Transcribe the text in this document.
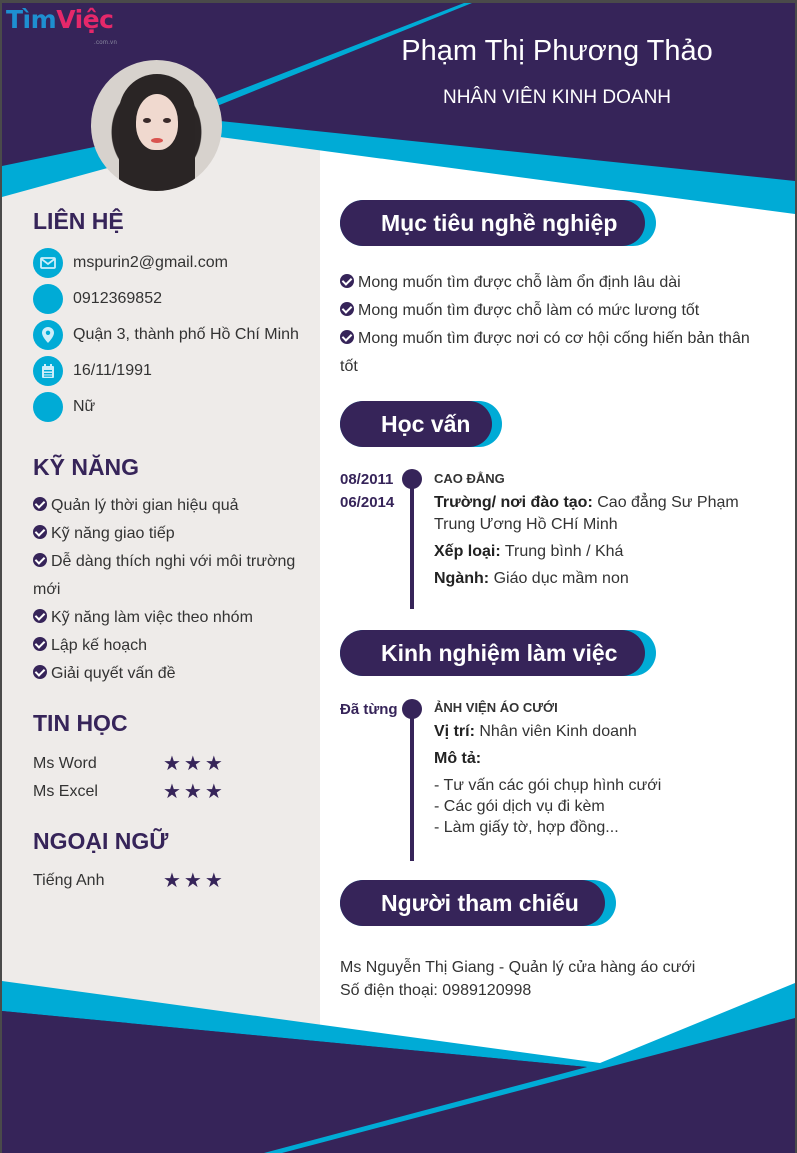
TìmViệc
.com.vn	Phạm Thị Phương Thảo
NHÂN VIÊN KINH DOANH
LIÊN HỆ
mspurin2@gmail.com
0912369852
Quận 3, thành phố Hồ Chí Minh
16/11/1991
Nữ
KỸ NĂNG
Quản lý thời gian hiệu quả
Kỹ năng giao tiếp
Dễ dàng thích nghi với môi trường mới
Kỹ năng làm việc theo nhóm
Lập kế hoạch
Giải quyết vấn đề
TIN HỌC
Ms Word	★★★
Ms Excel	★★★
NGOẠI NGỮ
Tiếng Anh	★★★
Mục tiêu nghề nghiệp
Mong muốn tìm được chỗ làm ổn định lâu dài
Mong muốn tìm được chỗ làm có mức lương tốt
Mong muốn tìm được nơi có cơ hội cống hiến bản thân tốt
Học vấn
08/2011
06/2014
CAO ĐẲNG

Trường/ nơi đào tạo: Cao đẳng Sư Phạm Trung Ương Hồ CHí Minh

Xếp loại: Trung bình / Khá

Ngành: Giáo dục mầm non

Kinh nghiệm làm việc
Đã từng	ẢNH VIỆN ÁO CƯỚI

Vị trí: Nhân viên Kinh doanh

Mô tả:

- Tư vấn các gói chụp hình cưới

- Các gói dịch vụ đi kèm

- Làm giấy tờ, hợp đồng...

Người tham chiếu
Ms Nguyễn Thị Giang - Quản lý cửa hàng áo cưới
Số điện thoại: 0989120998
